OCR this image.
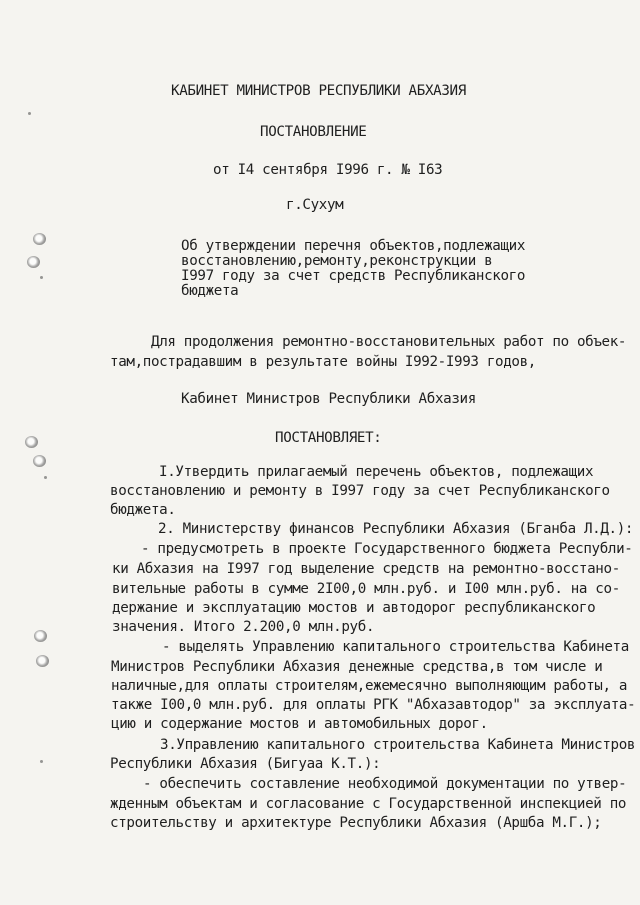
КАБИНЕТ МИНИСТРОВ РЕСПУБЛИКИ АБХАЗИЯ
ПОСТАНОВЛЕНИЕ
от I4 сентября I996 г. № I63
г.Сухум
Об утверждении перечня объектов,подлежащих
восстановлению,ремонту,реконструкции в
I997 году за счет средств Республиканского
бюджета
Для продолжения ремонтно-восстановительных работ по объек-
там,пострадавшим в результате войны I992-I993 годов,
Кабинет Министров Республики Абхазия
ПОСТАНОВЛЯЕТ:
I.Утвердить прилагаемый перечень объектов, подлежащих
восстановлению и ремонту в I997 году за счет Республиканского
бюджета.
2. Министерству финансов Республики Абхазия (Бганба Л.Д.):
- предусмотреть в проекте Государственного бюджета Республи-
ки Абхазия на I997 год выделение средств на ремонтно-восстано-
вительные работы в сумме 2I00,0 млн.руб. и I00 млн.руб. на со-
держание и эксплуатацию мостов и автодорог республиканского
значения. Итого 2.200,0 млн.руб.
- выделять Управлению капитального строительства Кабинета
Министров Республики Абхазия денежные средства,в том числе и
наличные,для оплаты строителям,ежемесячно выполняющим работы, а
также I00,0 млн.руб. для оплаты РГК "Абхазавтодор" за эксплуата-
цию и содержание мостов и автомобильных дорог.
3.Управлению капитального строительства Кабинета Министров
Республики Абхазия (Бигуаа К.Т.):
- обеспечить составление необходимой документации по утвер-
жденным объектам и согласование с Государственной инспекцией по
строительству и архитектуре Республики Абхазия (Аршба М.Г.);
